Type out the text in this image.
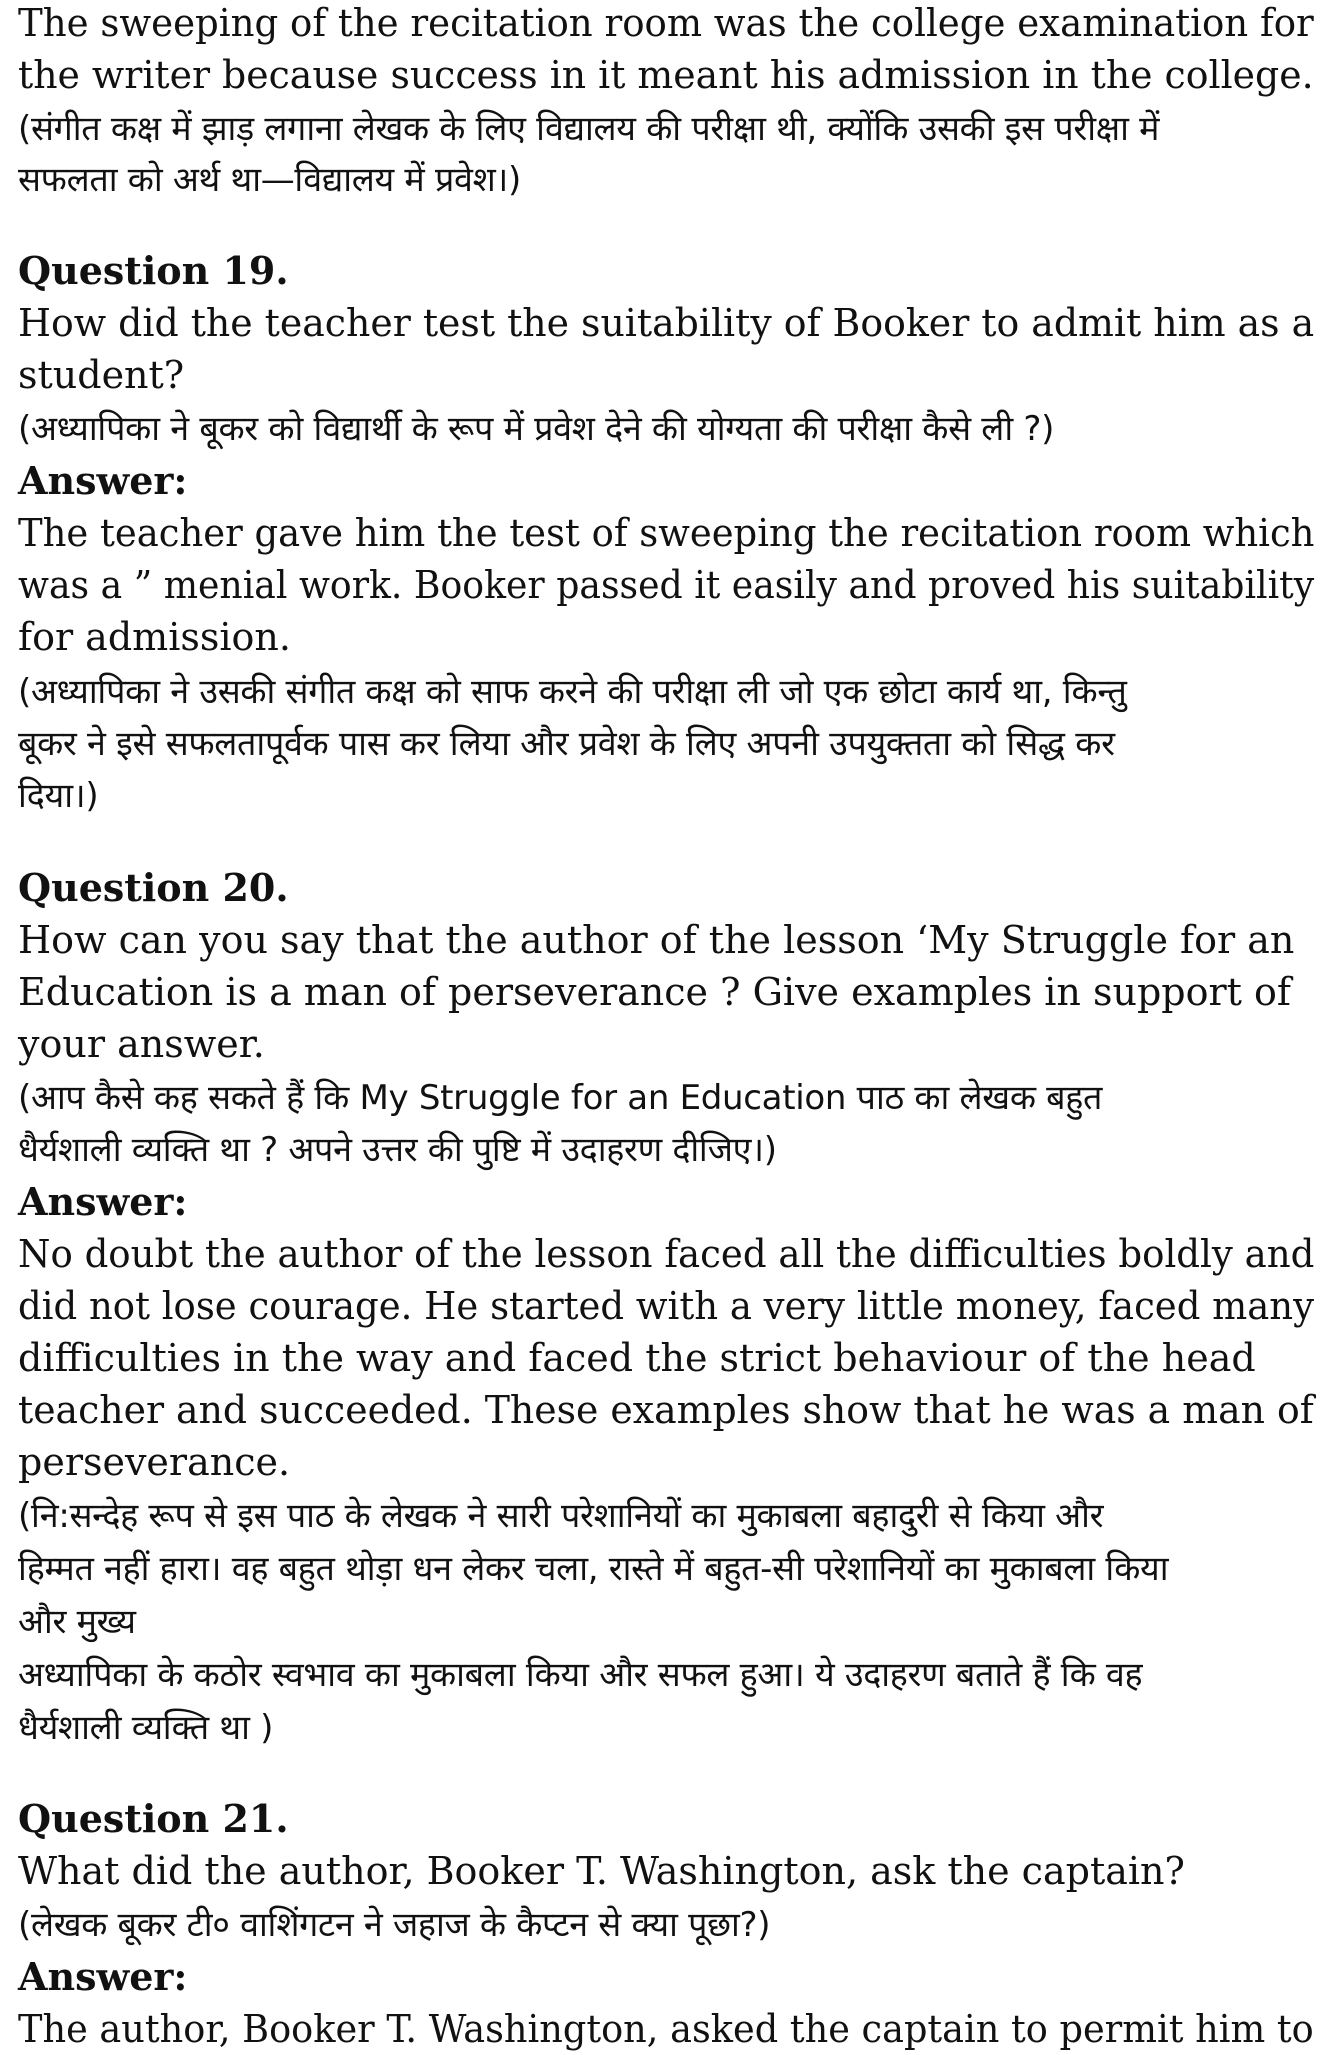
The sweeping of the recitation room was the college examination for
the writer because success in it meant his admission in the college.
(संगीत कक्ष में झाड़ लगाना लेखक के लिए विद्यालय की परीक्षा थी, क्योंकि उसकी इस परीक्षा में
सफलता को अर्थ था—विद्यालय में प्रवेश।)
Question 19.
How did the teacher test the suitability of Booker to admit him as a
student?
(अध्यापिका ने बूकर को विद्यार्थी के रूप में प्रवेश देने की योग्यता की परीक्षा कैसे ली ?)
Answer:
The teacher gave him the test of sweeping the recitation room which
was a ” menial work. Booker passed it easily and proved his suitability
for admission.
(अध्यापिका ने उसकी संगीत कक्ष को साफ करने की परीक्षा ली जो एक छोटा कार्य था, किन्तु
बूकर ने इसे सफलतापूर्वक पास कर लिया और प्रवेश के लिए अपनी उपयुक्तता को सिद्ध कर
दिया।)
Question 20.
How can you say that the author of the lesson ‘My Struggle for an
Education is a man of perseverance ? Give examples in support of
your answer.
(आप कैसे कह सकते हैं कि My Struggle for an Education पाठ का लेखक बहुत
धैर्यशाली व्यक्ति था ? अपने उत्तर की पुष्टि में उदाहरण दीजिए।)
Answer:
No doubt the author of the lesson faced all the difficulties boldly and
did not lose courage. He started with a very little money, faced many
difficulties in the way and faced the strict behaviour of the head
teacher and succeeded. These examples show that he was a man of
perseverance.
(नि:सन्देह रूप से इस पाठ के लेखक ने सारी परेशानियों का मुकाबला बहादुरी से किया और
हिम्मत नहीं हारा। वह बहुत थोड़ा धन लेकर चला, रास्ते में बहुत-सी परेशानियों का मुकाबला किया
और मुख्य
अध्यापिका के कठोर स्वभाव का मुकाबला किया और सफल हुआ। ये उदाहरण बताते हैं कि वह
धैर्यशाली व्यक्ति था )
Question 21.
What did the author, Booker T. Washington, ask the captain?
(लेखक बूकर टी० वाशिंगटन ने जहाज के कैप्टन से क्या पूछा?)
Answer:
The author, Booker T. Washington, asked the captain to permit him to
